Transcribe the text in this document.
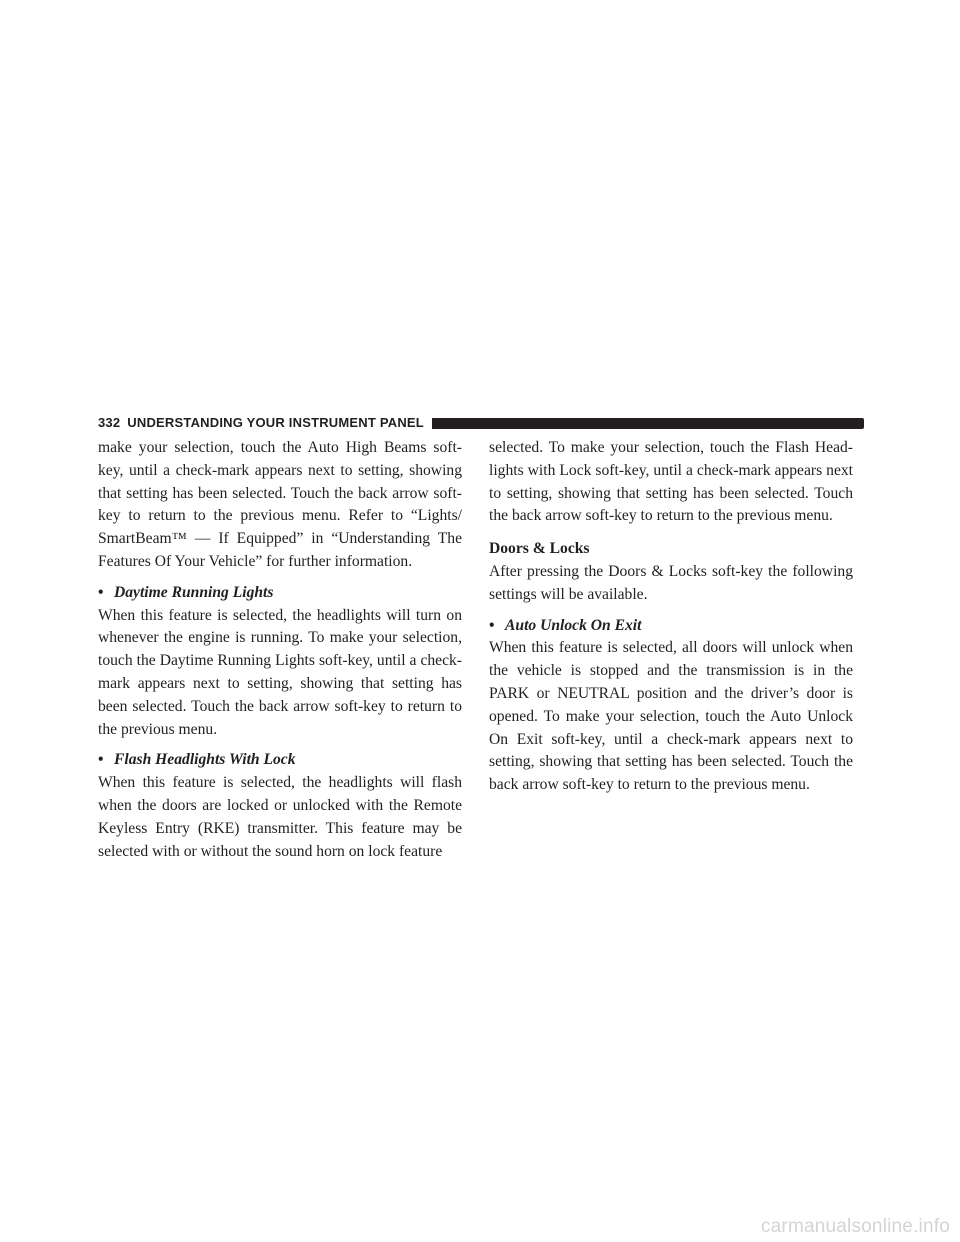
332 UNDERSTANDING YOUR INSTRUMENT PANEL

make your selection, touch the Auto High Beams soft-key, until a check-mark appears next to setting, showing that setting has been selected. Touch the back arrow soft-key to return to the previous menu. Refer to “Lights/ SmartBeam™ — If Equipped” in “Understanding The Features Of Your Vehicle” for further information.

• Daytime Running Lights

When this feature is selected, the headlights will turn on whenever the engine is running. To make your selection, touch the Daytime Running Lights soft-key, until a check-mark appears next to setting, showing that setting has been selected. Touch the back arrow soft-key to return to the previous menu.

• Flash Headlights With Lock

When this feature is selected, the headlights will flash when the doors are locked or unlocked with the Remote Keyless Entry (RKE) transmitter. This feature may be selected with or without the sound horn on lock feature

selected. To make your selection, touch the Flash Head-lights with Lock soft-key, until a check-mark appears next to setting, showing that setting has been selected. Touch the back arrow soft-key to return to the previous menu.

Doors & Locks

After pressing the Doors & Locks soft-key the following settings will be available.

• Auto Unlock On Exit

When this feature is selected, all doors will unlock when the vehicle is stopped and the transmission is in the PARK or NEUTRAL position and the driver’s door is opened. To make your selection, touch the Auto Unlock On Exit soft-key, until a check-mark appears next to setting, showing that setting has been selected. Touch the back arrow soft-key to return to the previous menu.

carmanualsonline.info
